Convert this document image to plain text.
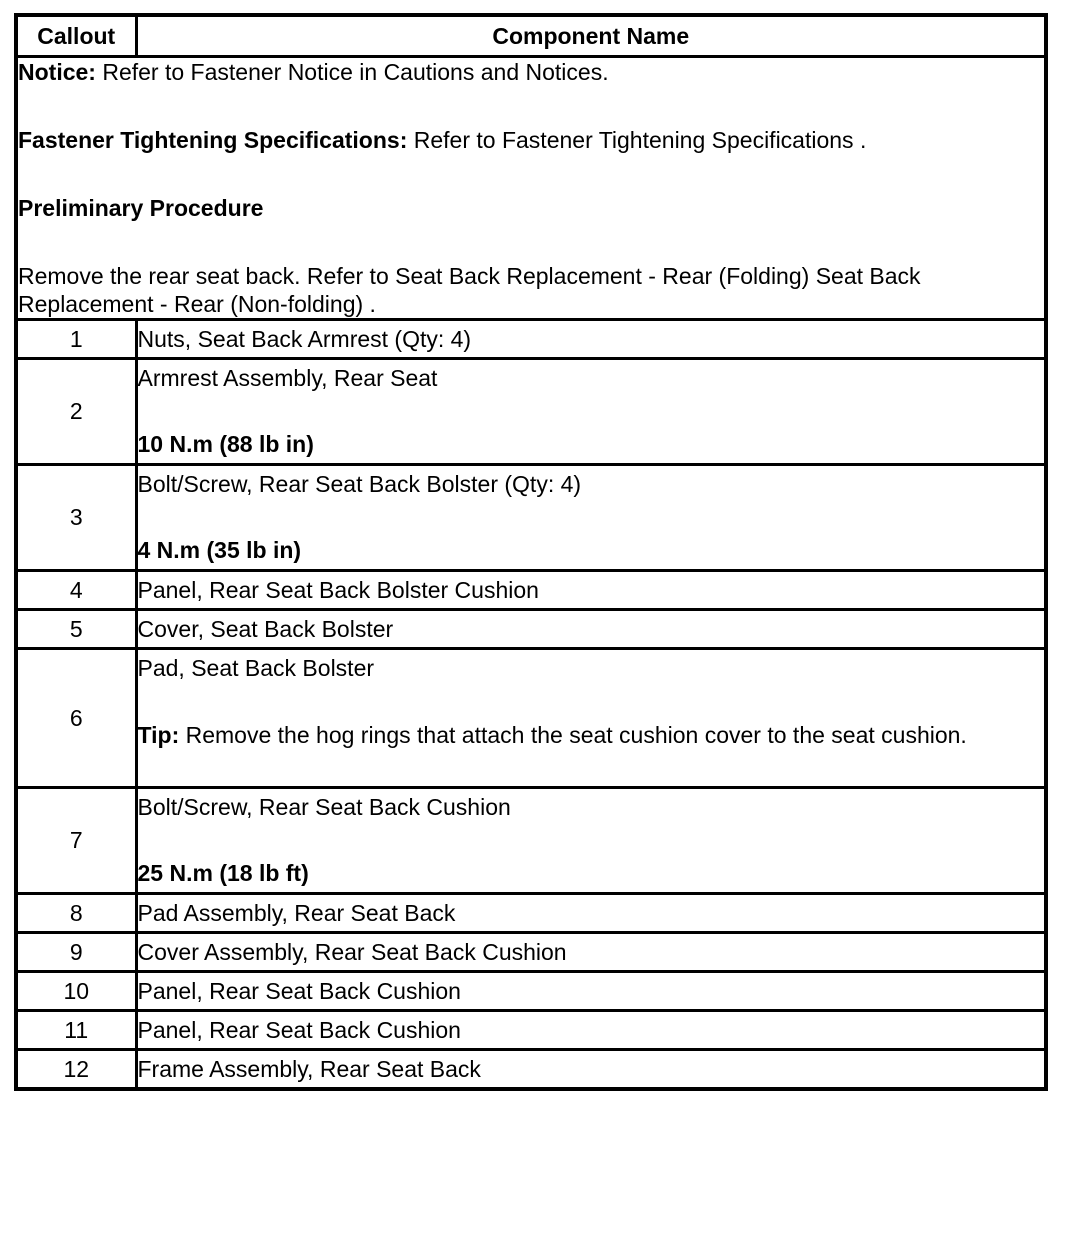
Callout	Component Name

Notice: Refer to Fastener Notice in Cautions and Notices.

Fastener Tightening Specifications: Refer to Fastener Tightening Specifications .

Preliminary Procedure

Remove the rear seat back. Refer to Seat Back Replacement - Rear (Folding) Seat Back Replacement - Rear (Non-folding) .	

1	Nuts, Seat Back Armrest (Qty: 4)
2	Armrest Assembly, Rear Seat
10 N.m (88 lb in)

3	Bolt/Screw, Rear Seat Back Bolster (Qty: 4)
4 N.m (35 lb in)

4	Panel, Rear Seat Back Bolster Cushion
5	Cover, Seat Back Bolster
6	Pad, Seat Back Bolster
Tip: Remove the hog rings that attach the seat cushion cover to the seat cushion.

7	Bolt/Screw, Rear Seat Back Cushion
25 N.m (18 lb ft)

8	Pad Assembly, Rear Seat Back
9	Cover Assembly, Rear Seat Back Cushion
10	Panel, Rear Seat Back Cushion
11	Panel, Rear Seat Back Cushion
12	Frame Assembly, Rear Seat Back
